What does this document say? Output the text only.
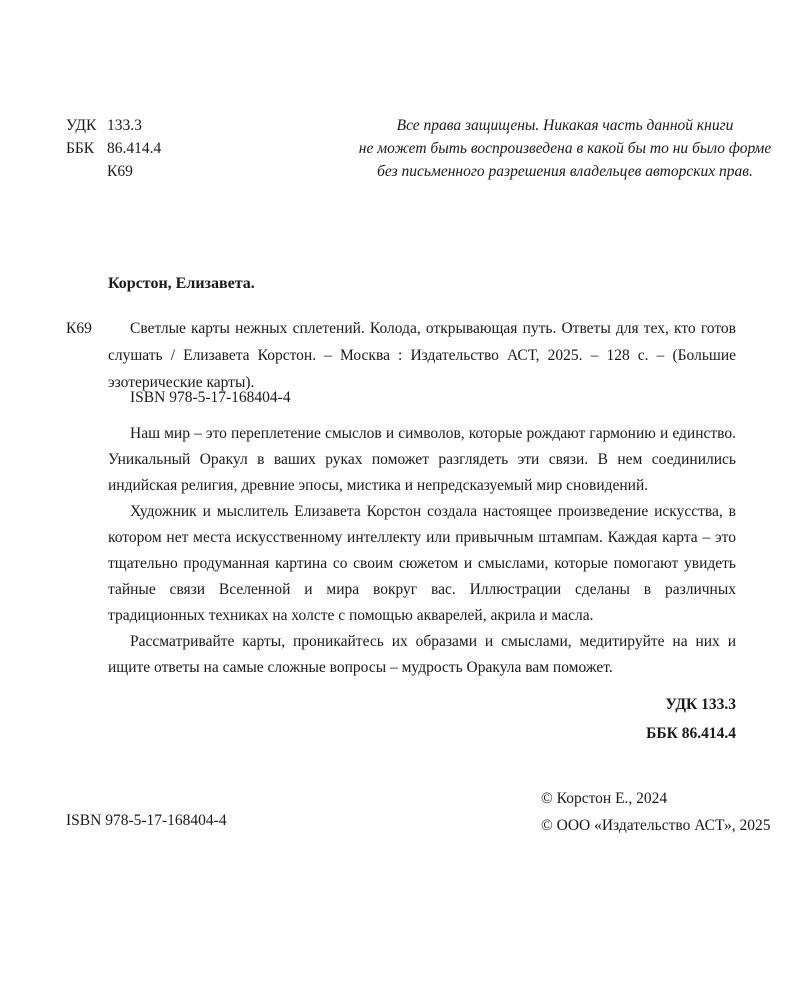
УДК 133.3
ББК 86.414.4
К69
Все права защищены. Никакая часть данной книги
не может быть воспроизведена в какой бы то ни было форме
без письменного разрешения владельцев авторских прав.
Корстон, Елизавета.
К69	Светлые карты нежных сплетений. Колода, открывающая путь. Ответы для тех, кто готов слушать / Елизавета Корстон. – Москва : Издательство АСТ, 2025. – 128 с. – (Большие эзотерические карты).
ISBN 978-5-17-168404-4

Наш мир – это переплетение смыслов и символов, которые рождают гармонию и единство. Уникальный Оракул в ваших руках поможет разглядеть эти связи. В нем соединились индийская религия, древние эпосы, мистика и непредсказуемый мир сновидений.

Художник и мыслитель Елизавета Корстон создала настоящее произведение искусства, в котором нет места искусственному интеллекту или привычным штампам. Каждая карта – это тщательно продуманная картина со своим сюжетом и смыслами, которые помогают увидеть тайные связи Вселенной и мира вокруг вас. Иллюстрации сделаны в различных традиционных техниках на холсте с помощью акварелей, акрила и масла.

Рассматривайте карты, проникайтесь их образами и смыслами, медитируйте на них и ищите ответы на самые сложные вопросы – мудрость Оракула вам поможет.

УДК 133.3
ББК 86.414.4
© Корстон Е., 2024
© ООО «Издательство АСТ», 2025
ISBN 978-5-17-168404-4
